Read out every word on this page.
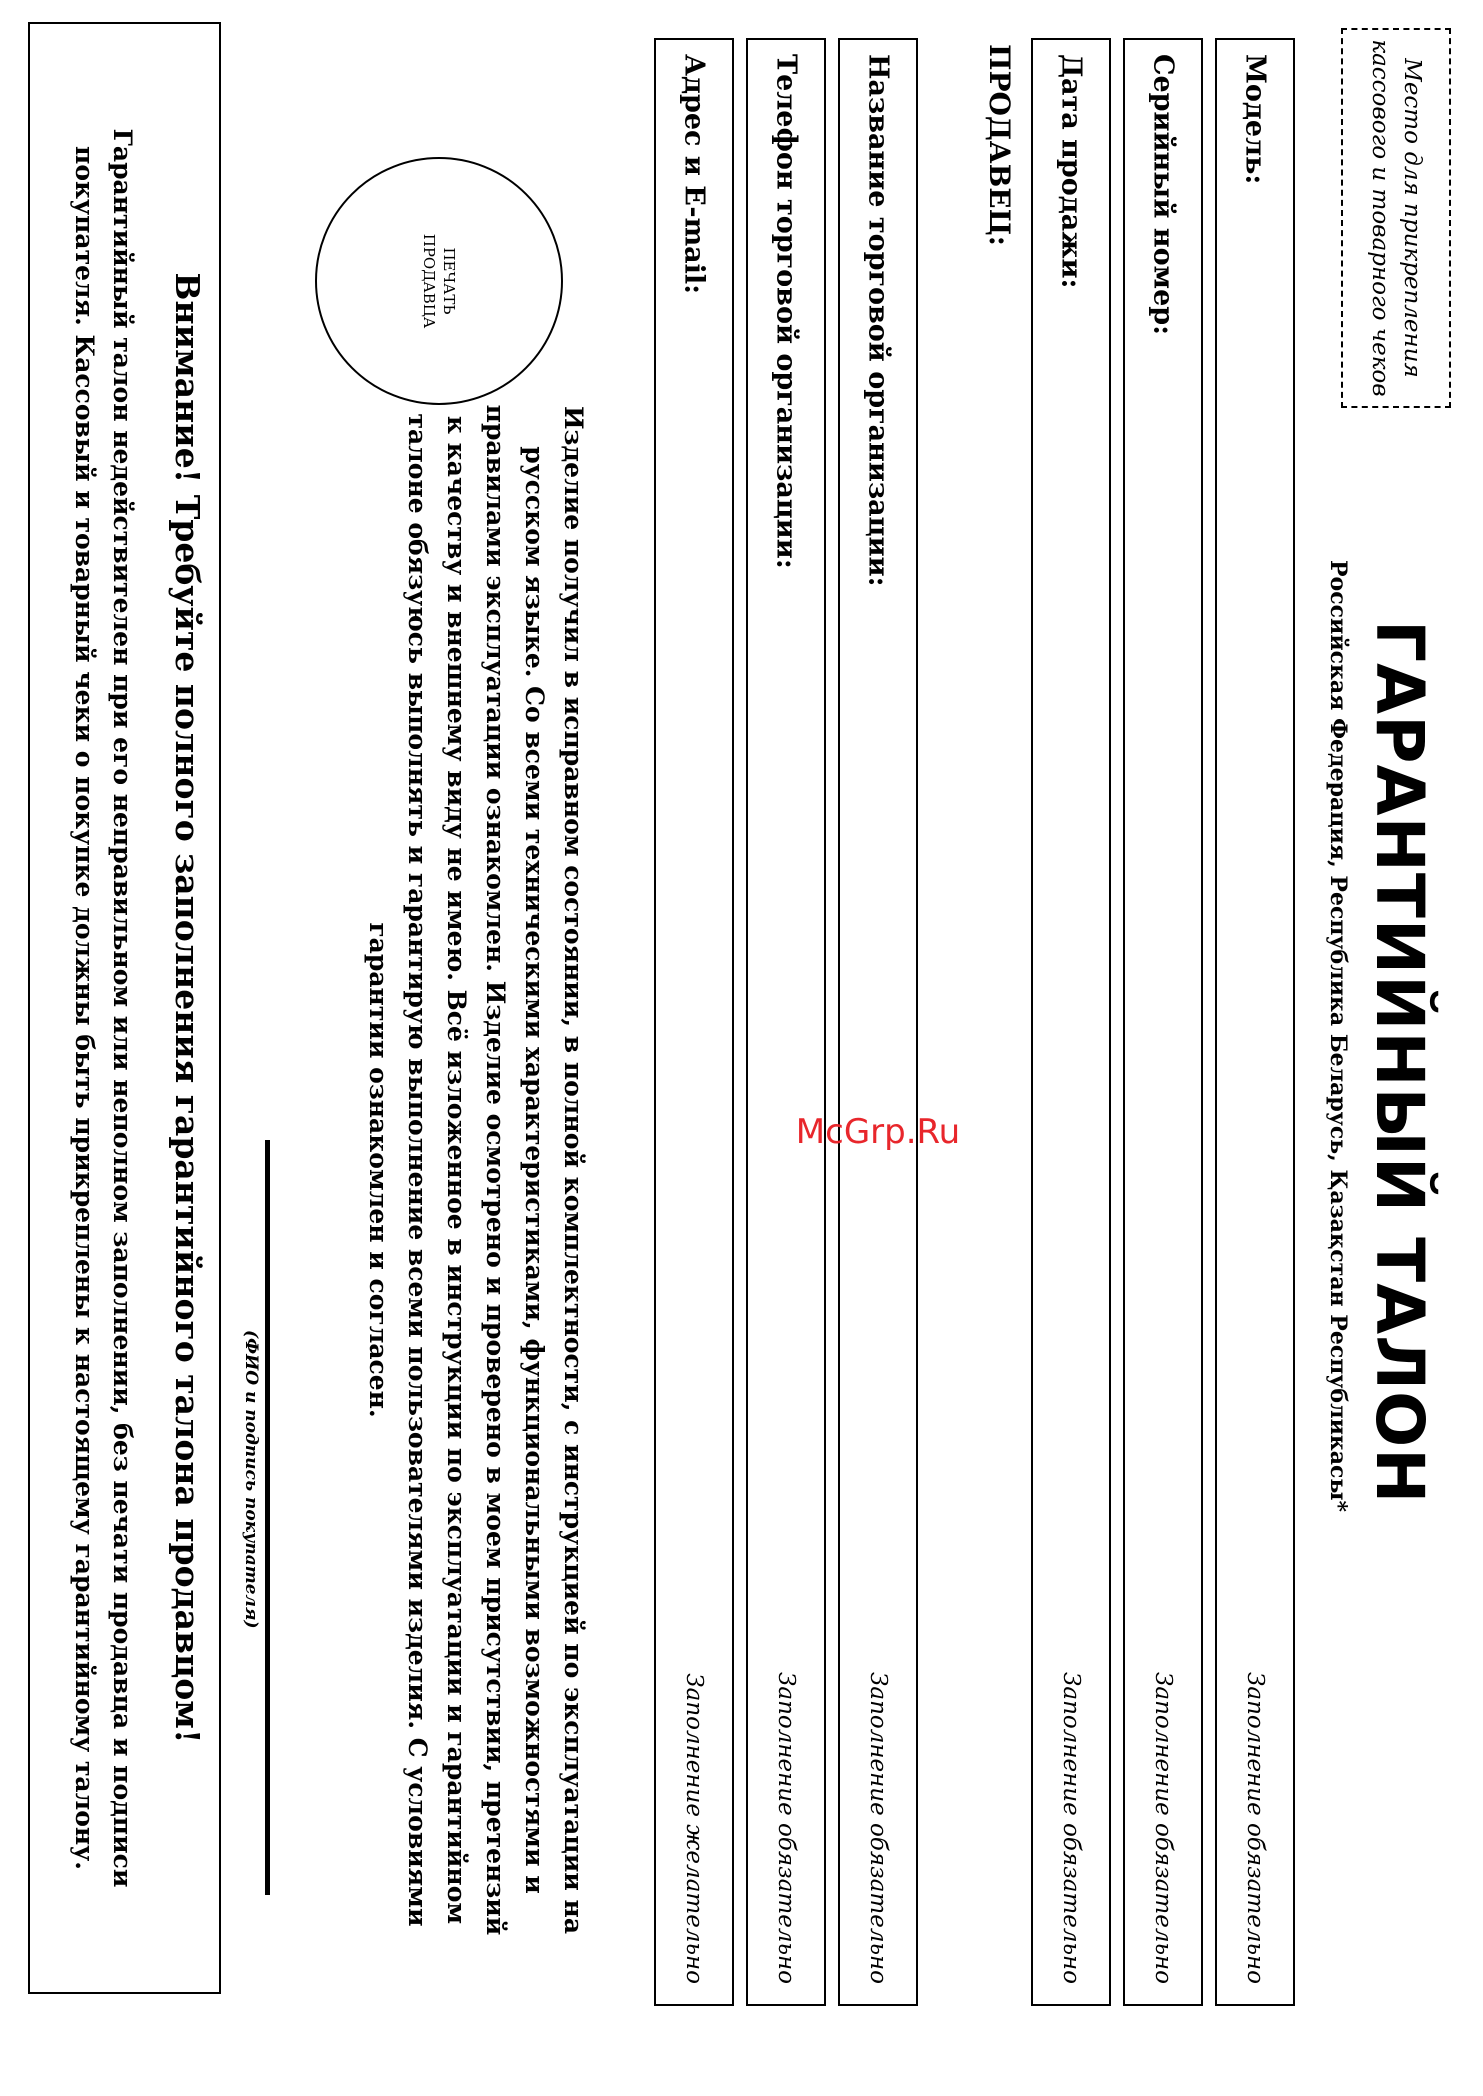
Место для прикрепления
кассового и товарного чеков
ГАРАНТИЙНЫЙ ТАЛОН
Российская Федерация, Республика Беларусь, Қазақстан Республикасы*
Модель:
Заполнение обязательно
Серийный номер:
Заполнение обязательно
Дата продажи:
Заполнение обязательно
ПРОДАВЕЦ:
Название торговой организации:
Заполнение обязательно
Телефон торговой организации:
Заполнение обязательно
Адрес и E-mail:
Заполнение желательно
ПЕЧАТЬ
ПРОДАВЦА
Изделие получил в исправном состоянии, в полной комплектности, с инструкцией по эксплуатации на русском языке. Со всеми техническими характеристиками, функциональными возможностями и правилами эксплуатации ознакомлен. Изделие осмотрено и проверено в моем присутствии, претензий к качеству и внешнему виду не имею. Всё изложенное в инструкции по эксплуатации и гарантийном талоне обязуюсь выполнять и гарантирую выполнение всеми пользователями изделия. С условиями гарантии ознакомлен и согласен.
(ФИО и подпись покупателя)
Внимание! Требуйте полного заполнения гарантийного талона продавцом!
Гарантийный талон недействителен при его неправильном или неполном заполнении, без печати продавца и подписи покупателя. Кассовый и товарный чеки о покупке должны быть прикреплены к настоящему гарантийному талону.	McGrp.Ru
